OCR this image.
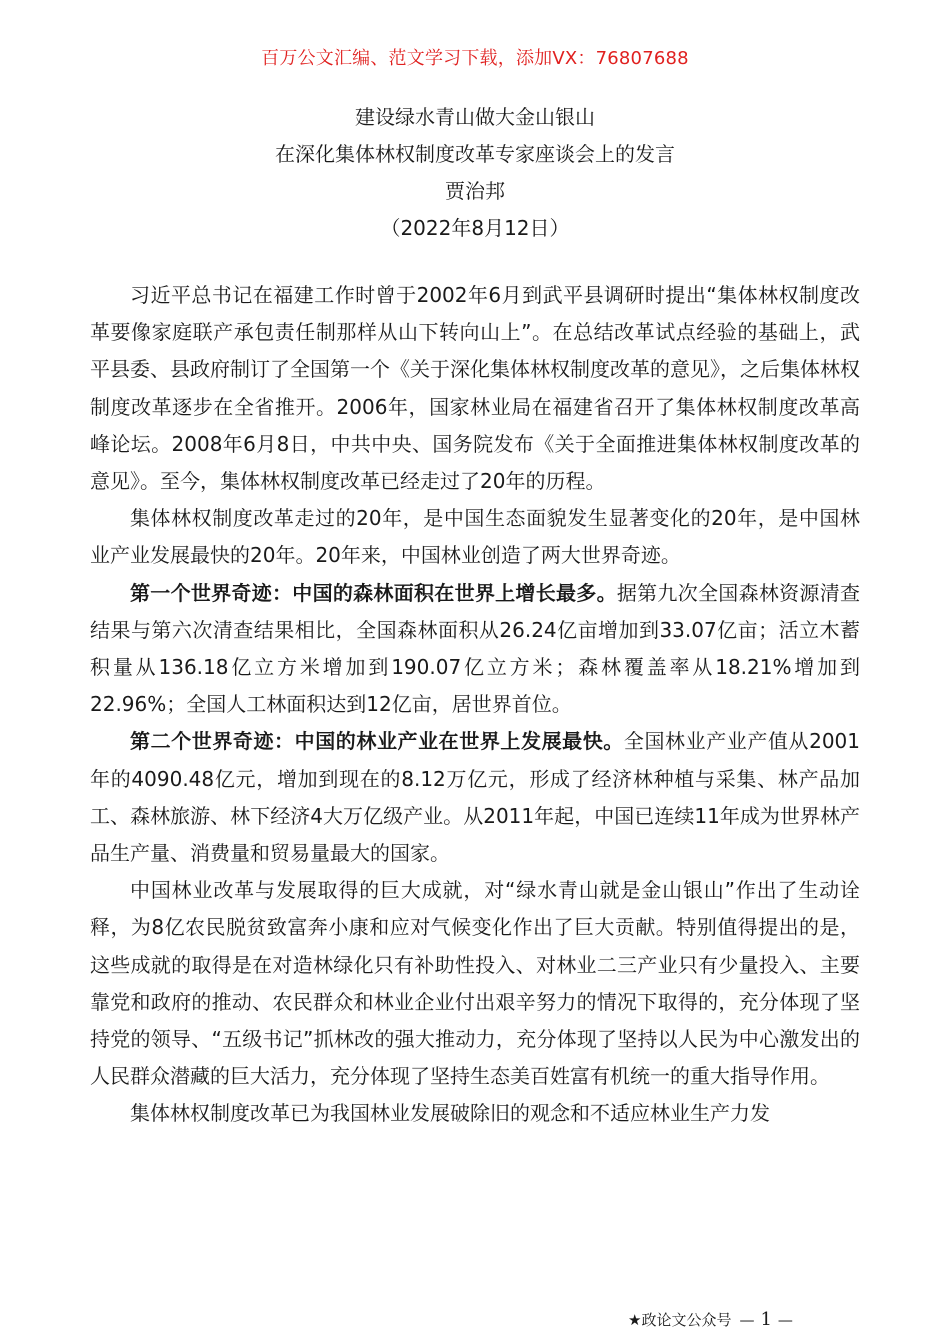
百万公文汇编、范文学习下载，添加VX：76807688
建设绿水青山做大金山银山
在深化集体林权制度改革专家座谈会上的发言
贾治邦
（2022年8月12日）

习近平总书记在福建工作时曾于2002年6月到武平县调研时提出“集体林权制度改革要像家庭联产承包责任制那样从山下转向山上”。在总结改革试点经验的基础上，武平县委、县政府制订了全国第一个《关于深化集体林权制度改革的意见》，之后集体林权制度改革逐步在全省推开。2006年，国家林业局在福建省召开了集体林权制度改革高峰论坛。2008年6月8日，中共中央、国务院发布《关于全面推进集体林权制度改革的意见》。至今，集体林权制度改革已经走过了20年的历程。

集体林权制度改革走过的20年，是中国生态面貌发生显著变化的20年，是中国林业产业发展最快的20年。20年来，中国林业创造了两大世界奇迹。

第一个世界奇迹：中国的森林面积在世界上增长最多。据第九次全国森林资源清查结果与第六次清查结果相比，全国森林面积从26.24亿亩增加到33.07亿亩；活立木蓄积量从136.18亿立方米增加到190.07亿立方米；森林覆盖率从18.21%增加到22.96%；全国人工林面积达到12亿亩，居世界首位。

第二个世界奇迹：中国的林业产业在世界上发展最快。全国林业产业产值从2001年的4090.48亿元，增加到现在的8.12万亿元，形成了经济林种植与采集、林产品加工、森林旅游、林下经济4大万亿级产业。从2011年起，中国已连续11年成为世界林产品生产量、消费量和贸易量最大的国家。

中国林业改革与发展取得的巨大成就，对“绿水青山就是金山银山”作出了生动诠释，为8亿农民脱贫致富奔小康和应对气候变化作出了巨大贡献。特别值得提出的是，这些成就的取得是在对造林绿化只有补助性投入、对林业二三产业只有少量投入、主要靠党和政府的推动、农民群众和林业企业付出艰辛努力的情况下取得的，充分体现了坚持党的领导、“五级书记”抓林改的强大推动力，充分体现了坚持以人民为中心激发出的人民群众潜藏的巨大活力，充分体现了坚持生态美百姓富有机统一的重大指导作用。

集体林权制度改革已为我国林业发展破除旧的观念和不适应林业生产力发

★政论文公众号 — 1 —
